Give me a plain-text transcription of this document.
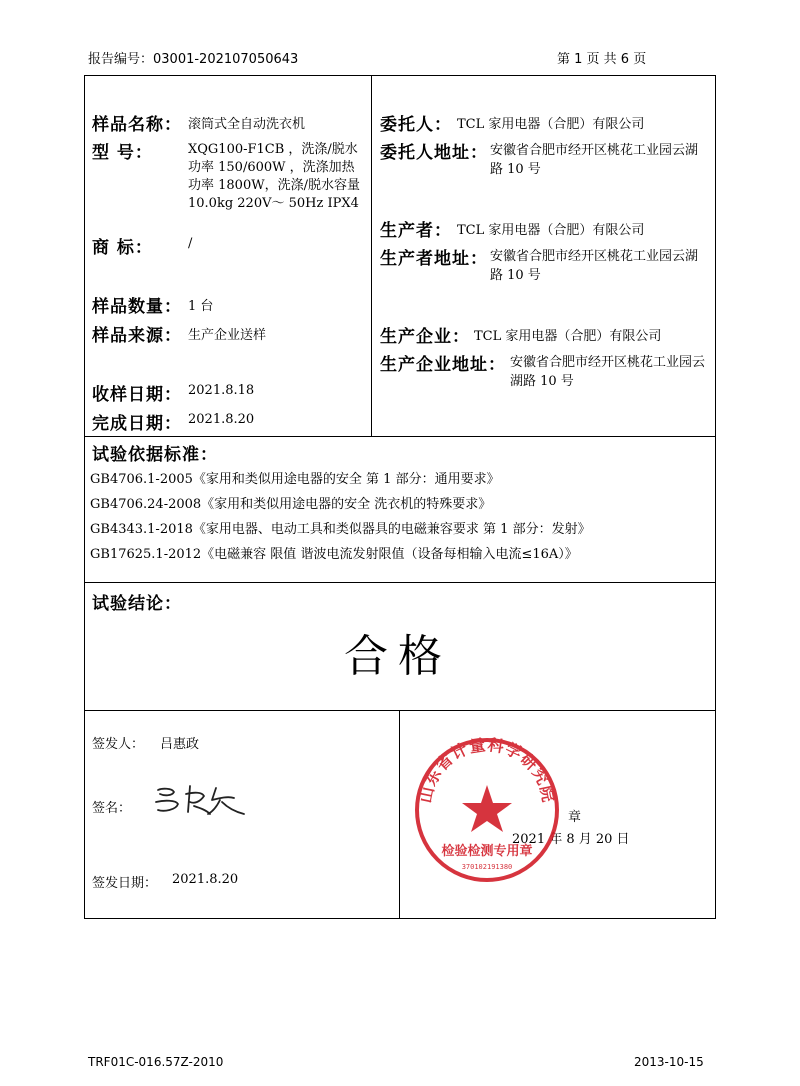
报告编号：03001-202107050643	第 1 页 共 6 页
样品名称： 滚筒式全自动洗衣机
型 号：	XQG100-F1CB ，洗涤/脱水功率 150/600W ，洗涤加热功率 1800W，洗涤/脱水容量 10.0kg 220V～ 50Hz IPX4
商 标：	/
样品数量： 1 台
样品来源： 生产企业送样
收样日期： 2021.8.18
完成日期： 2021.8.20
委托人： TCL 家用电器（合肥）有限公司
委托人地址： 安徽省合肥市经开区桃花工业园云湖路 10 号
生产者： TCL 家用电器（合肥）有限公司
生产者地址： 安徽省合肥市经开区桃花工业园云湖路 10 号
生产企业： TCL 家用电器（合肥）有限公司
生产企业地址： 安徽省合肥市经开区桃花工业园云湖路 10 号
试验依据标准：
GB4706.1-2005《家用和类似用途电器的安全 第 1 部分：通用要求》
GB4706.24-2008《家用和类似用途电器的安全 洗衣机的特殊要求》
GB4343.1-2018《家用电器、电动工具和类似器具的电磁兼容要求 第 1 部分：发射》
GB17625.1-2012《电磁兼容 限值 谐波电流发射限值（设备每相输入电流≤16A）》
试验结论：
合格
签发人： 吕惠政
签名：
签发日期： 2021.8.20
章
2021 年 8 月 20 日
山东省计量科学研究院
检验检测专用章
370102191380
TRF01C-016.57Z-2010	2013-10-15
